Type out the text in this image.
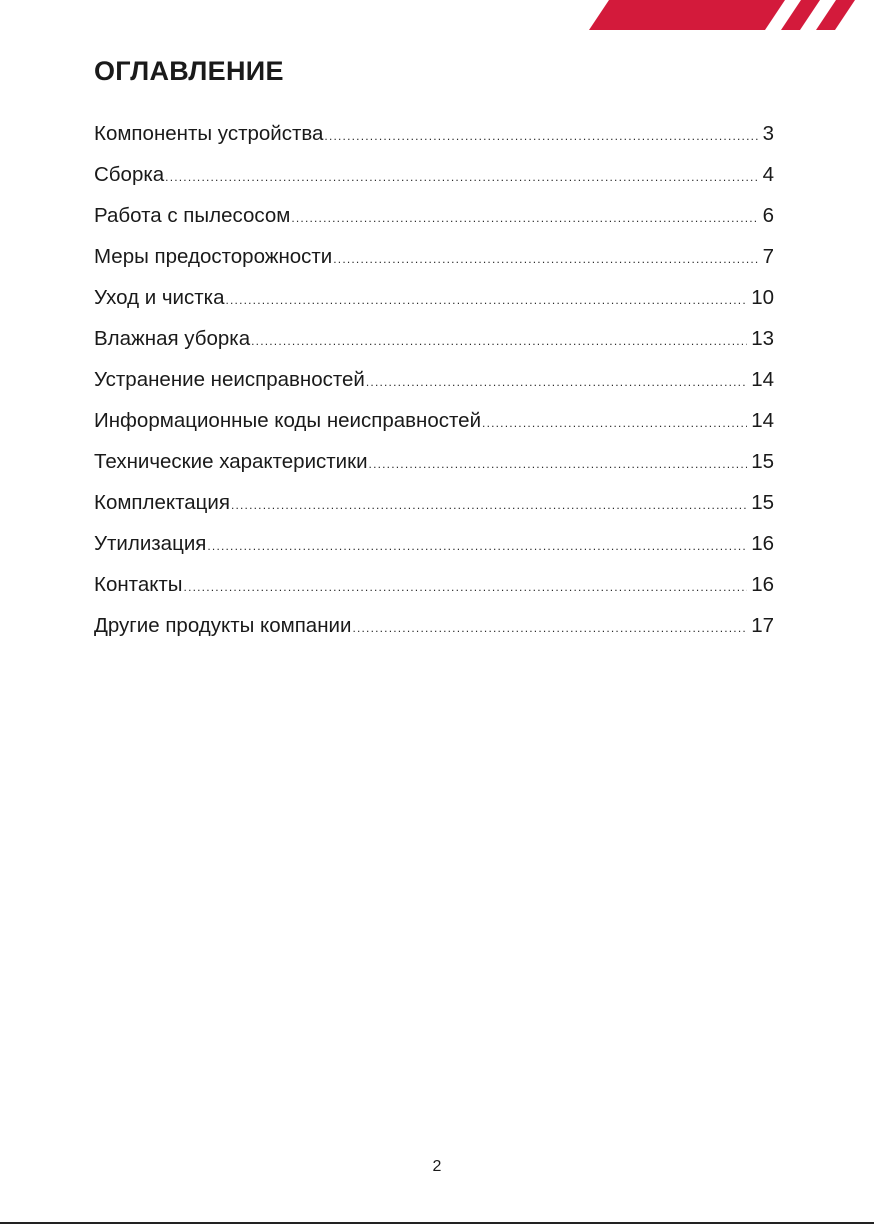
ОГЛАВЛЕНИЕ
Компоненты устройства .....	3
Сборка .....	4
Работа с пылесосом .....	6
Меры предосторожности .....	7
Уход и чистка .....	10
Влажная уборка .....	13
Устранение неисправностей .....	14
Информационные коды неисправностей .....	14
Технические характеристики .....	15
Комплектация .....	15
Утилизация .....	16
Контакты .....	16
Другие продукты компании .....	17
2
